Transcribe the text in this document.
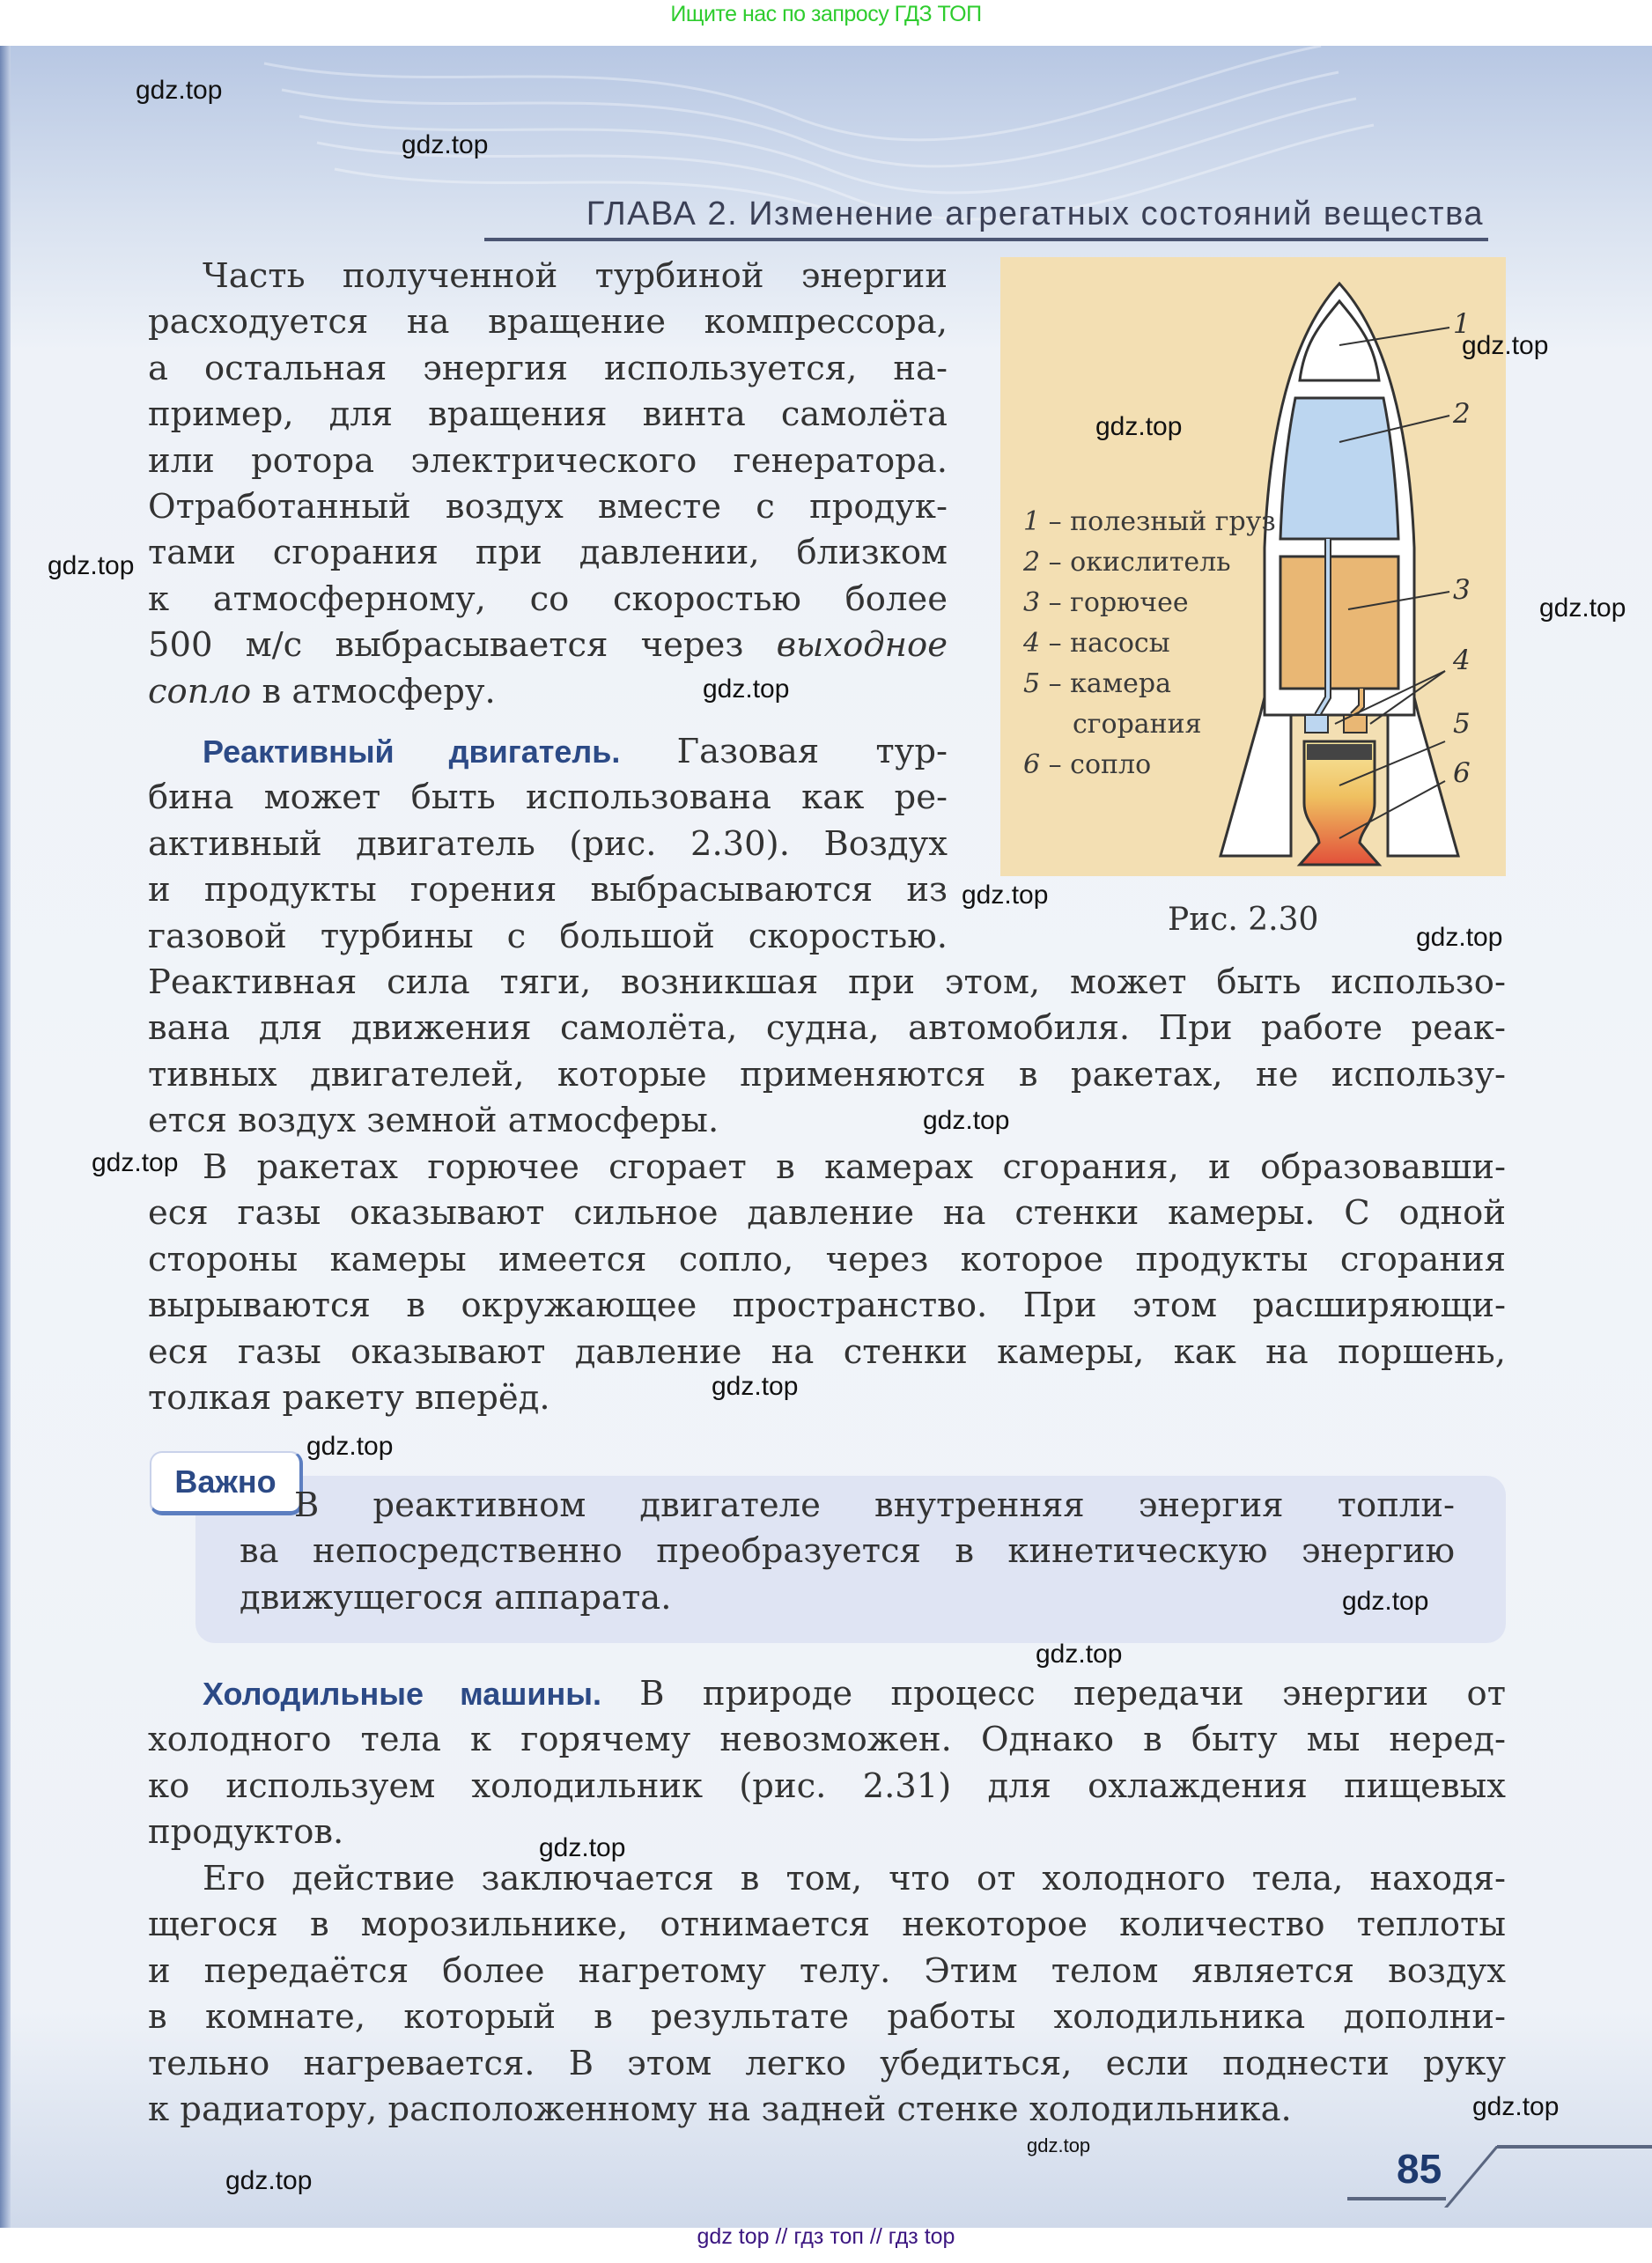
Ищите нас по запросу ГДЗ ТОП
ГЛАВА 2. Изменение агрегатных состояний вещества
Часть полученной турбиной энергии
расходуется на вращение компрессора,
а остальная энергия используется, на-
пример, для вращения винта самолёта
или ротора электрического генератора.
Отработанный воздух вместе с продук-
тами сгорания при давлении, близком
к атмосферному, со скоростью более
500 м/с выбрасывается через выходное
сопло в атмосферу.
Реактивный двигатель. Газовая тур-
бина может быть использована как ре-
активный двигатель (рис. 2.30). Воздух
и продукты горения выбрасываются из
газовой турбины с большой скоростью.
Реактивная сила тяги, возникшая при этом, может быть использо-
вана для движения самолёта, судна, автомобиля. При работе реак-
тивных двигателей, которые применяются в ракетах, не использу-
ется воздух земной атмосферы.
В ракетах горючее сгорает в камерах сгорания, и образовавши-
еся газы оказывают сильное давление на стенки камеры. С одной
стороны камеры имеется сопло, через которое продукты сгорания
вырываются в окружающее пространство. При этом расширяющи-
еся газы оказывают давление на стенки камеры, как на поршень,
толкая ракету вперёд.
1
2
3
4
5
6
1 – полезный груз
2 – окислитель
3 – горючее
4 – насосы
5 – камера
сгорания
6 – сопло
Рис. 2.30
Важно
В реактивном двигателе внутренняя энергия топли-
ва непосредственно преобразуется в кинетическую энергию
движущегося аппарата.
Холодильные машины. В природе процесс передачи энергии от
холодного тела к горячему невозможен. Однако в быту мы неред-
ко используем холодильник (рис. 2.31) для охлаждения пищевых
продуктов.
Его действие заключается в том, что от холодного тела, находя-
щегося в морозильнике, отнимается некоторое количество теплоты
и передаётся более нагретому телу. Этим телом является воздух
в комнате, который в результате работы холодильника дополни-
тельно нагревается. В этом легко убедиться, если поднести руку
к радиатору, расположенному на задней стенке холодильника.
85
gdz.top
gdz.top
gdz.top
gdz.top
gdz.top
gdz.top
gdz.top
gdz.top
gdz.top
gdz.top
gdz.top
gdz.top
gdz.top
gdz.top
gdz.top
gdz.top
gdz.top
gdz.top
gdz.top
gdz top // гдз топ // гдз top
